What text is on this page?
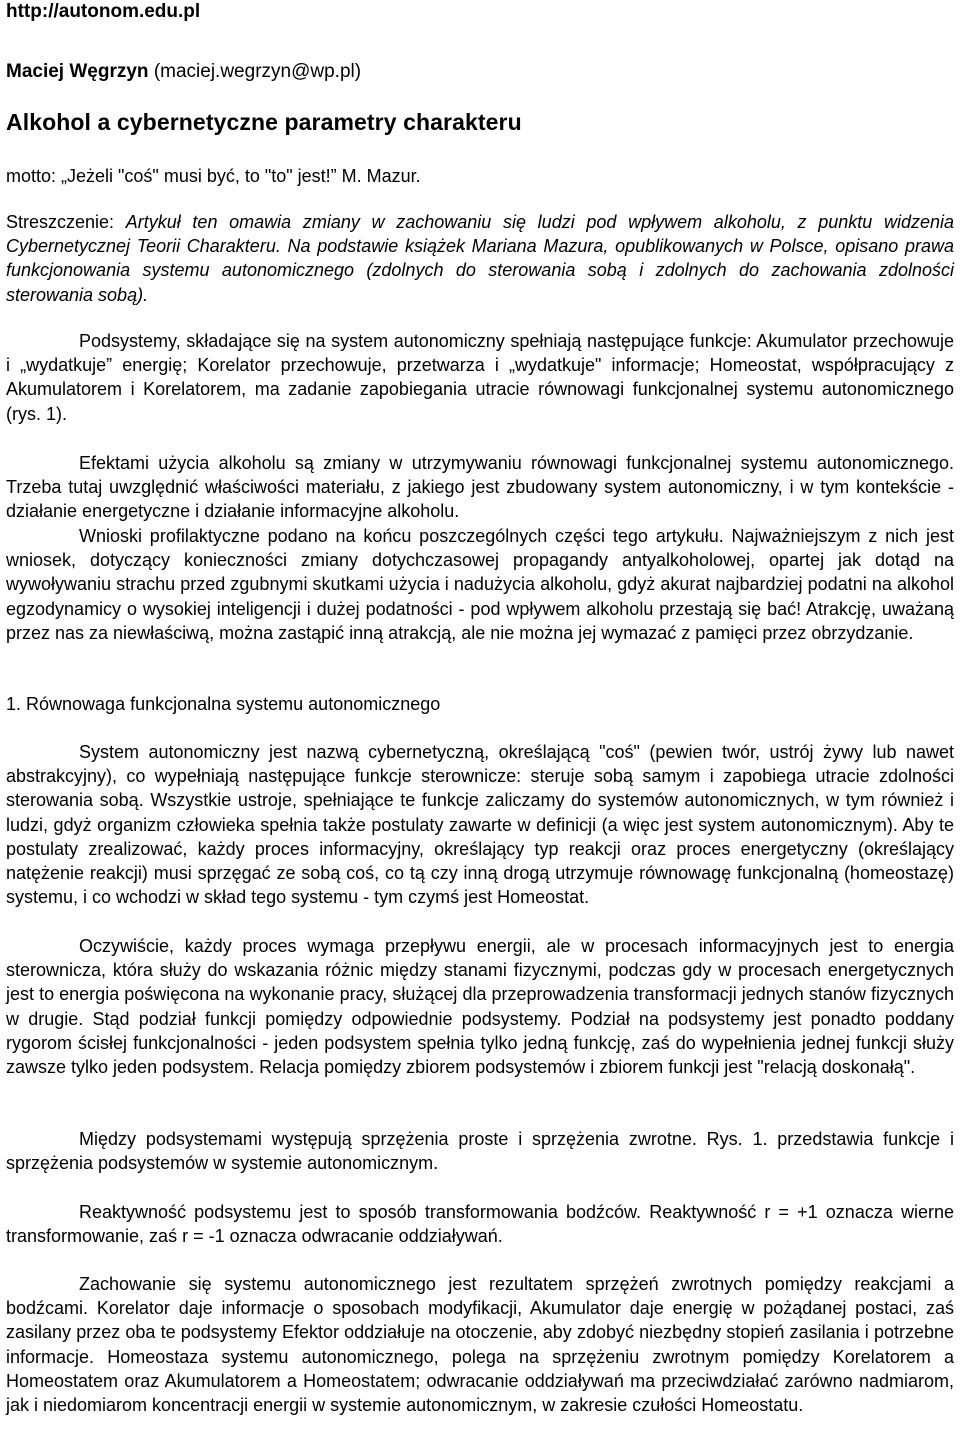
http://autonom.edu.pl

Maciej Węgrzyn (maciej.wegrzyn@wp.pl)

Alkohol a cybernetyczne parametry charakteru

motto: „Jeżeli "coś" musi być, to "to" jest!” M. Mazur.

Streszczenie: Artykuł ten omawia zmiany w zachowaniu się ludzi pod wpływem alkoholu, z punktu widzenia Cybernetycznej Teorii Charakteru. Na podstawie książek Mariana Mazura, opublikowanych w Polsce, opisano prawa funkcjonowania systemu autonomicznego (zdolnych do sterowania sobą i zdolnych do zachowania zdolności sterowania sobą).

Podsystemy, składające się na system autonomiczny spełniają następujące funkcje: Akumulator przechowuje i „wydatkuje” energię; Korelator przechowuje, przetwarza i „wydatkuje" informacje; Homeostat, współpracujący z Akumulatorem i Korelatorem, ma zadanie zapobiegania utracie równowagi funkcjonalnej systemu autonomicznego (rys. 1).

Efektami użycia alkoholu są zmiany w utrzymywaniu równowagi funkcjonalnej systemu autonomicznego. Trzeba tutaj uwzględnić właściwości materiału, z jakiego jest zbudowany system autonomiczny, i w tym kontekście - działanie energetyczne i działanie informacyjne alkoholu.

Wnioski profilaktyczne podano na końcu poszczególnych części tego artykułu. Najważniejszym z nich jest wniosek, dotyczący konieczności zmiany dotychczasowej propagandy antyalkoholowej, opartej jak dotąd na wywoływaniu strachu przed zgubnymi skutkami użycia i nadużycia alkoholu, gdyż akurat najbardziej podatni na alkohol egzodynamicy o wysokiej inteligencji i dużej podatności - pod wpływem alkoholu przestają się bać! Atrakcję, uważaną przez nas za niewłaściwą, można zastąpić inną atrakcją, ale nie można jej wymazać z pamięci przez obrzydzanie.

1. Równowaga funkcjonalna systemu autonomicznego

System autonomiczny jest nazwą cybernetyczną, określającą "coś" (pewien twór, ustrój żywy lub nawet abstrakcyjny), co wypełniają następujące funkcje sterownicze: steruje sobą samym i zapobiega utracie zdolności sterowania sobą. Wszystkie ustroje, spełniające te funkcje zaliczamy do systemów autonomicznych, w tym również i ludzi, gdyż organizm człowieka spełnia także postulaty zawarte w definicji (a więc jest system autonomicznym). Aby te postulaty zrealizować, każdy proces informacyjny, określający typ reakcji oraz proces energetyczny (określający natężenie reakcji) musi sprzęgać ze sobą coś, co tą czy inną drogą utrzymuje równowagę funkcjonalną (homeostazę) systemu, i co wchodzi w skład tego systemu - tym czymś jest Homeostat.

Oczywiście, każdy proces wymaga przepływu energii, ale w procesach informacyjnych jest to energia sterownicza, która służy do wskazania różnic między stanami fizycznymi, podczas gdy w procesach energetycznych jest to energia poświęcona na wykonanie pracy, służącej dla przeprowadzenia transformacji jednych stanów fizycznych w drugie. Stąd podział funkcji pomiędzy odpowiednie podsystemy. Podział na podsystemy jest ponadto poddany rygorom ścisłej funkcjonalności - jeden podsystem spełnia tylko jedną funkcję, zaś do wypełnienia jednej funkcji służy zawsze tylko jeden podsystem. Relacja pomiędzy zbiorem podsystemów i zbiorem funkcji jest "relacją doskonałą".

Między podsystemami występują sprzężenia proste i sprzężenia zwrotne. Rys. 1. przedstawia funkcje i sprzężenia podsystemów w systemie autonomicznym.

Reaktywność podsystemu jest to sposób transformowania bodźców. Reaktywność r = +1 oznacza wierne transformowanie, zaś r = -1 oznacza odwracanie oddziaływań.

Zachowanie się systemu autonomicznego jest rezultatem sprzężeń zwrotnych pomiędzy reakcjami a bodźcami. Korelator daje informacje o sposobach modyfikacji, Akumulator daje energię w pożądanej postaci, zaś zasilany przez oba te podsystemy Efektor oddziałuje na otoczenie, aby zdobyć niezbędny stopień zasilania i potrzebne informacje. Homeostaza systemu autonomicznego, polega na sprzężeniu zwrotnym pomiędzy Korelatorem a Homeostatem oraz Akumulatorem a Homeostatem; odwracanie oddziaływań ma przeciwdziałać zarówno nadmiarom, jak i niedomiarom koncentracji energii w systemie autonomicznym, w zakresie czułości Homeostatu.
